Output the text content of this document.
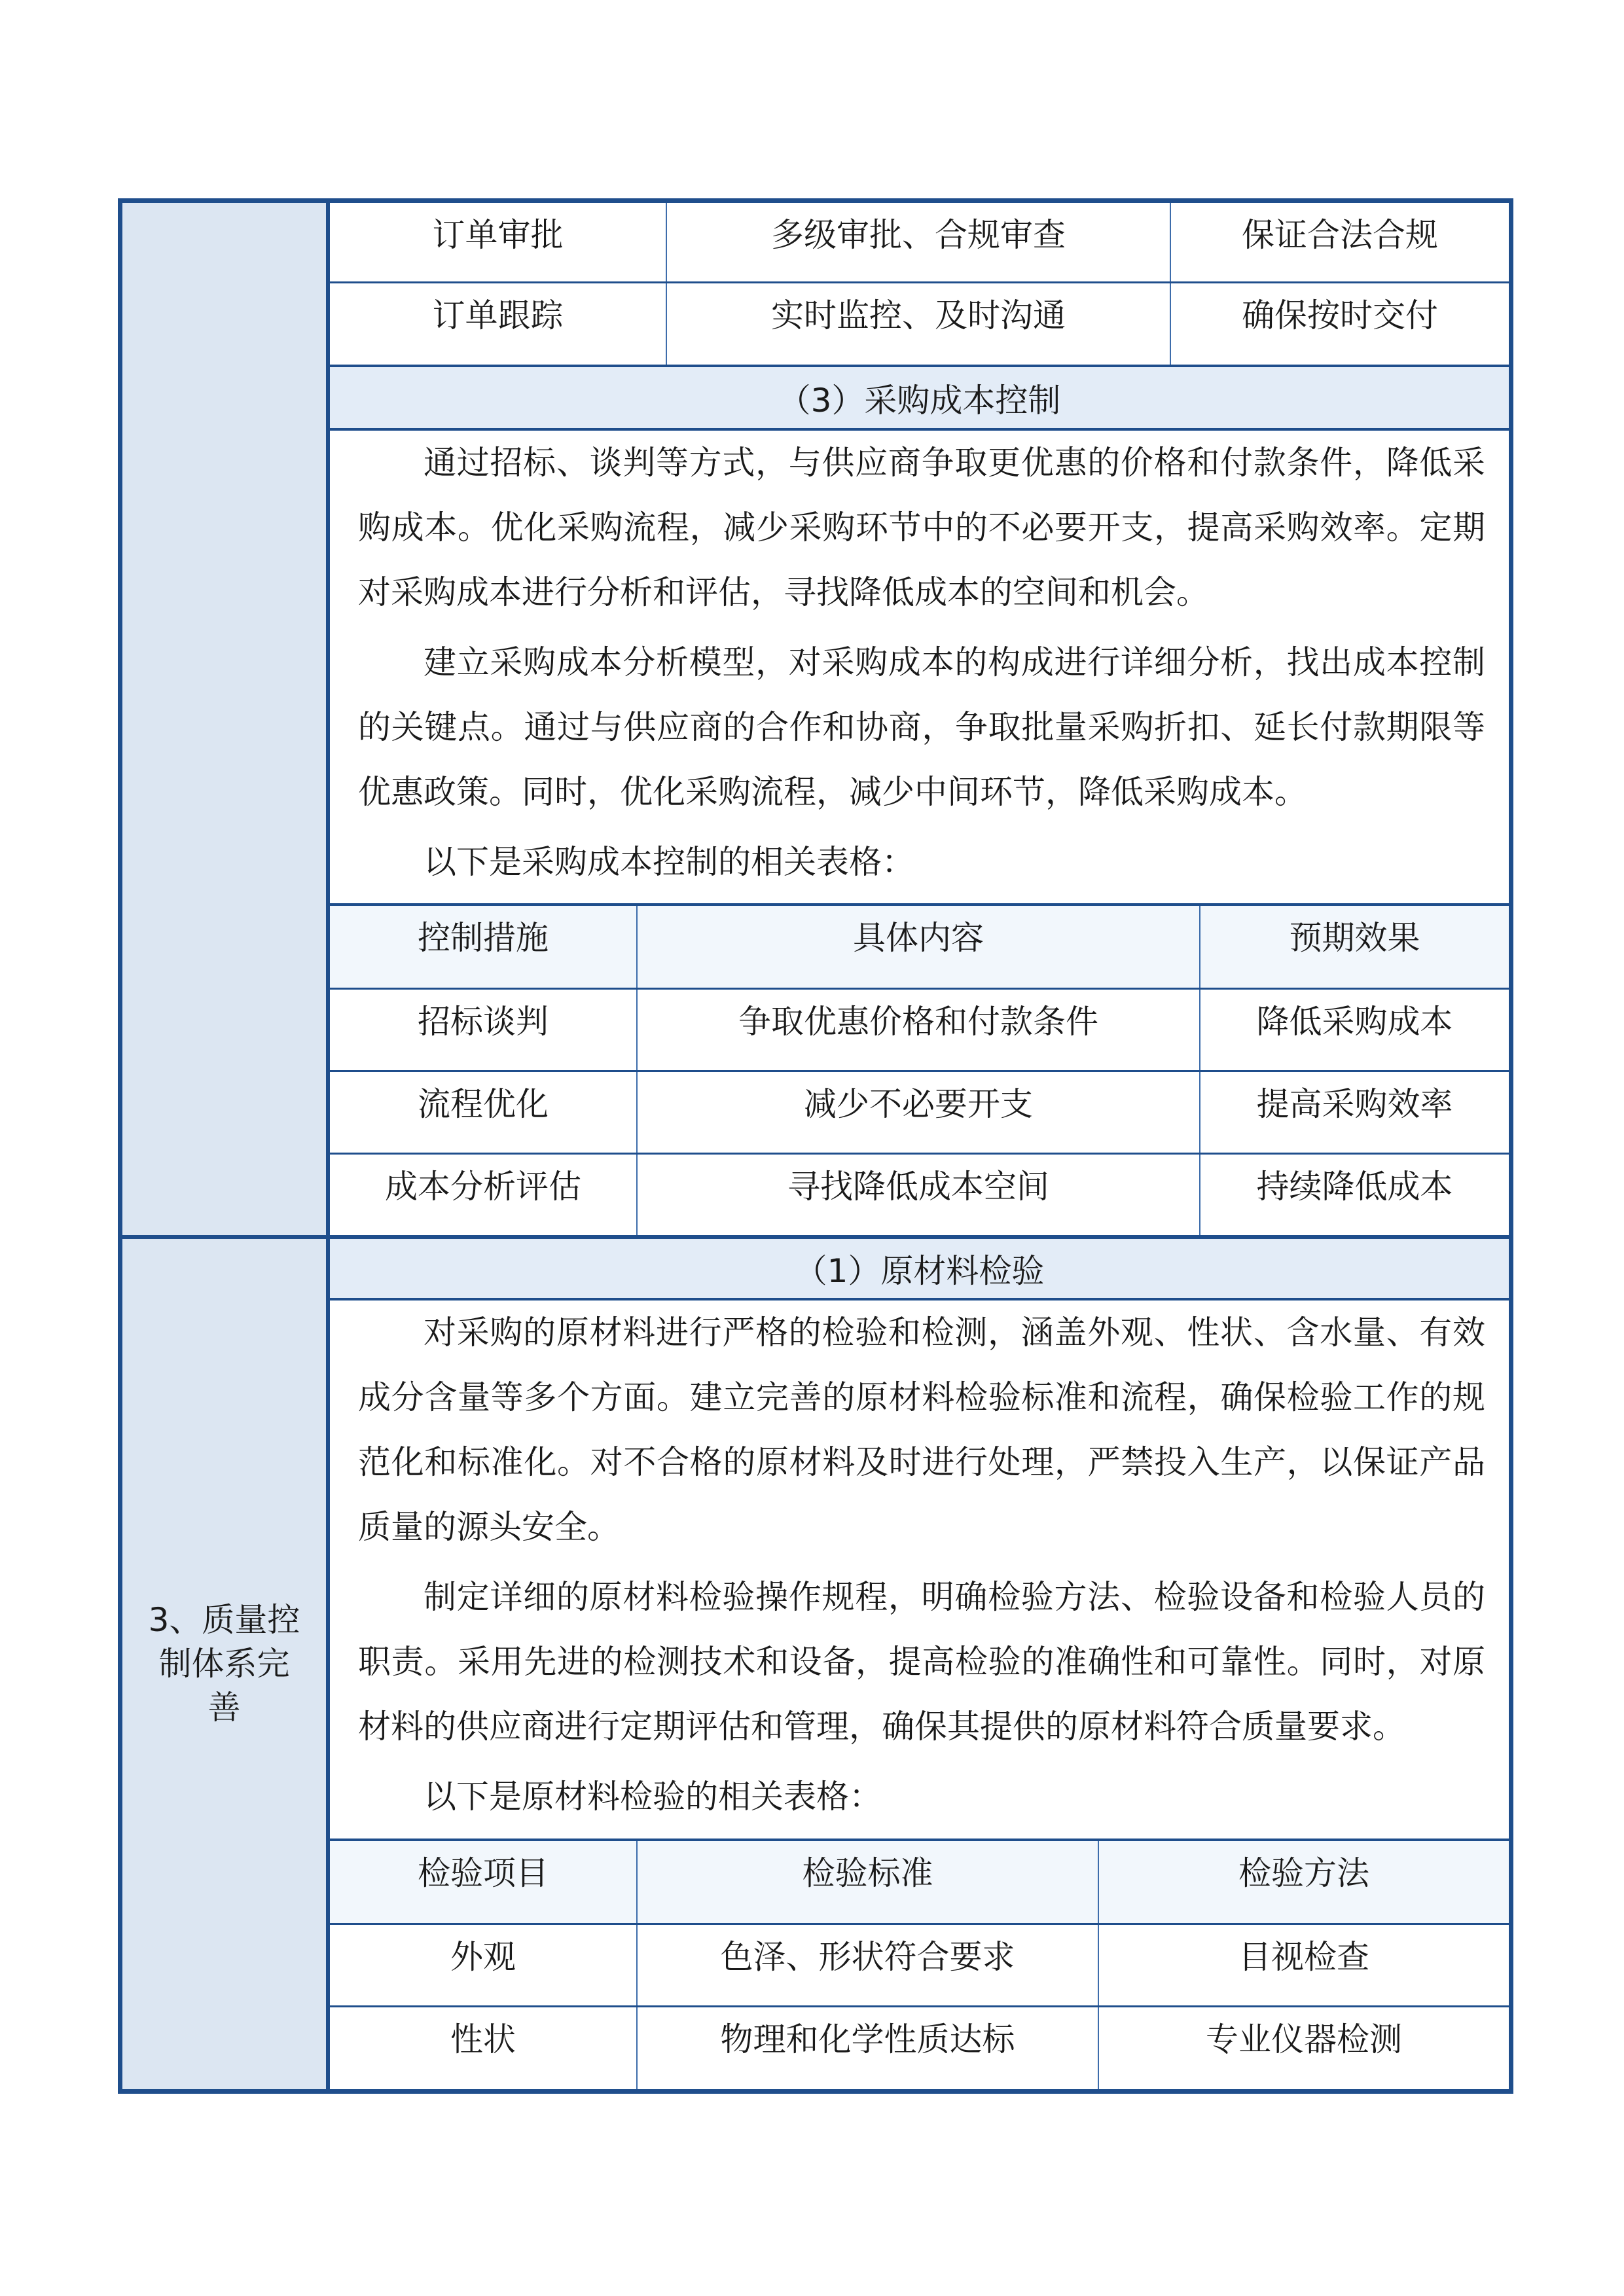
订单审批	多级审批、合规审查	保证合法合规
订单跟踪	实时监控、及时沟通	确保按时交付
（3）采购成本控制
通过招标、谈判等方式，与供应商争取更优惠的价格和付款条件，降低采
购成本。优化采购流程，减少采购环节中的不必要开支，提高采购效率。定期
对采购成本进行分析和评估，寻找降低成本的空间和机会。
建立采购成本分析模型，对采购成本的构成进行详细分析，找出成本控制
的关键点。通过与供应商的合作和协商，争取批量采购折扣、延长付款期限等
优惠政策。同时，优化采购流程，减少中间环节，降低采购成本。
以下是采购成本控制的相关表格：
控制措施	具体内容	预期效果
招标谈判	争取优惠价格和付款条件	降低采购成本
流程优化	减少不必要开支	提高采购效率
成本分析评估	寻找降低成本空间	持续降低成本
3、质量控制体系完善
（1）原材料检验
对采购的原材料进行严格的检验和检测，涵盖外观、性状、含水量、有效
成分含量等多个方面。建立完善的原材料检验标准和流程，确保检验工作的规
范化和标准化。对不合格的原材料及时进行处理，严禁投入生产，以保证产品
质量的源头安全。
制定详细的原材料检验操作规程，明确检验方法、检验设备和检验人员的
职责。采用先进的检测技术和设备，提高检验的准确性和可靠性。同时，对原
材料的供应商进行定期评估和管理，确保其提供的原材料符合质量要求。
以下是原材料检验的相关表格：
检验项目	检验标准	检验方法
外观	色泽、形状符合要求	目视检查
性状	物理和化学性质达标	专业仪器检测
